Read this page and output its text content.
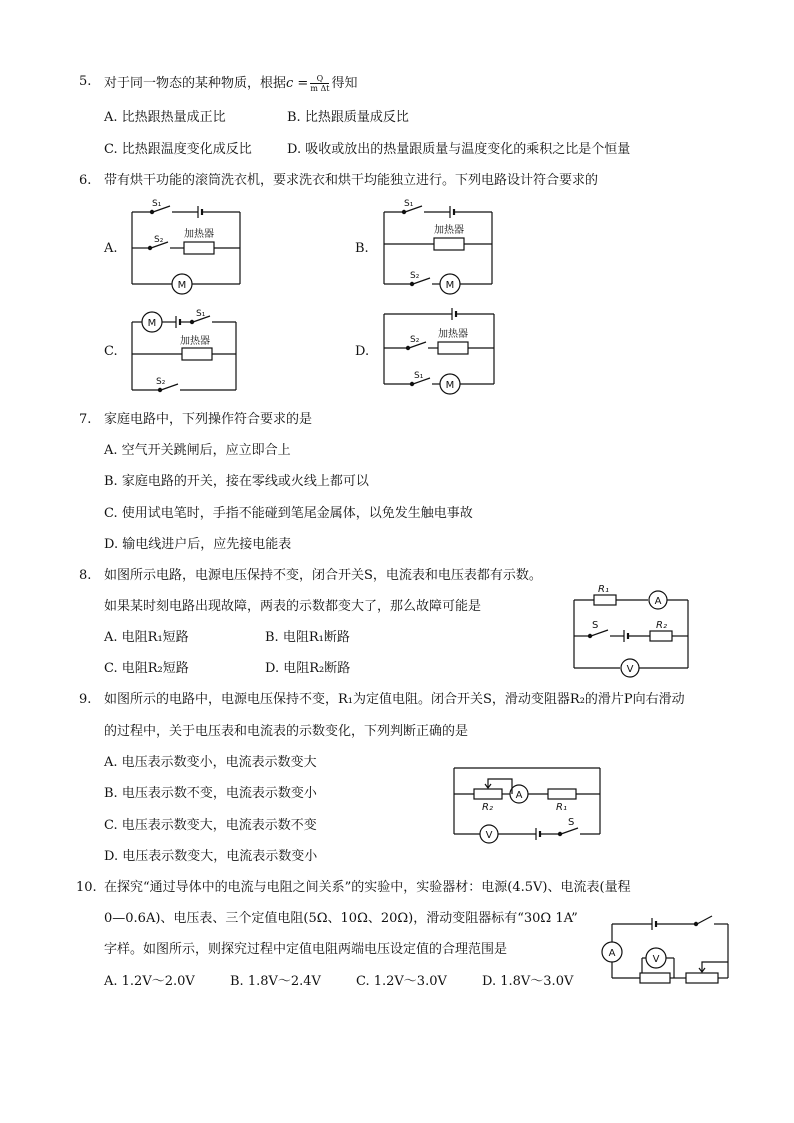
5. 对于同一物态的某种物质，根据$c = \frac{Q}{\text{m Δt}}$ 得知
A. 比热跟热量成正比	B. 比热跟质量成反比
C. 比热跟温度变化成反比	D. 吸收或放出的热量跟质量与温度变化的乘积之比是个恒量
6. 带有烘干功能的滚筒洗衣机，要求洗衣和烘干均能独立进行。下列电路设计符合要求的
A.	B.
C.	D.
S₁
S₂ 加热器
M
S₁
S₂
加热器
M
M
S₁
加热器
S₂
S₂ 加热器
S₁
M
7. 家庭电路中，下列操作符合要求的是
A. 空气开关跳闸后，应立即合上
B. 家庭电路的开关，接在零线或火线上都可以
C. 使用试电笔时，手指不能碰到笔尾金属体，以免发生触电事故
D. 输电线进户后，应先接电能表
8. 如图所示电路，电源电压保持不变，闭合开关S，电流表和电压表都有示数。
如果某时刻电路出现故障，两表的示数都变大了，那么故障可能是
A. 电阻R₁短路	B. 电阻R₁断路
C. 电阻R₂短路	D. 电阻R₂断路
R₁
A
S	R₂
V
9. 如图所示的电路中，电源电压保持不变，R₁为定值电阻。闭合开关S，滑动变阻器R₂的滑片P向右滑动
的过程中，关于电压表和电流表的示数变化，下列判断正确的是
A. 电压表示数变小，电流表示数变大
B. 电压表示数不变，电流表示数变小
C. 电压表示数变大，电流表示数不变
D. 电压表示数变大，电流表示数变小
R₂
A
R₁
V
S
10. 在探究“通过导体中的电流与电阻之间关系”的实验中，实验器材：电源(4.5V)、电流表(量程
0—0.6A)、电压表、三个定值电阻(5Ω、10Ω、20Ω)，滑动变阻器标有“30Ω 1A”
字样。如图所示，则探究过程中定值电阻两端电压设定值的合理范围是
A. 1.2V～2.0V	B. 1.8V～2.4V	C. 1.2V～3.0V	D. 1.8V～3.0V
A
V
